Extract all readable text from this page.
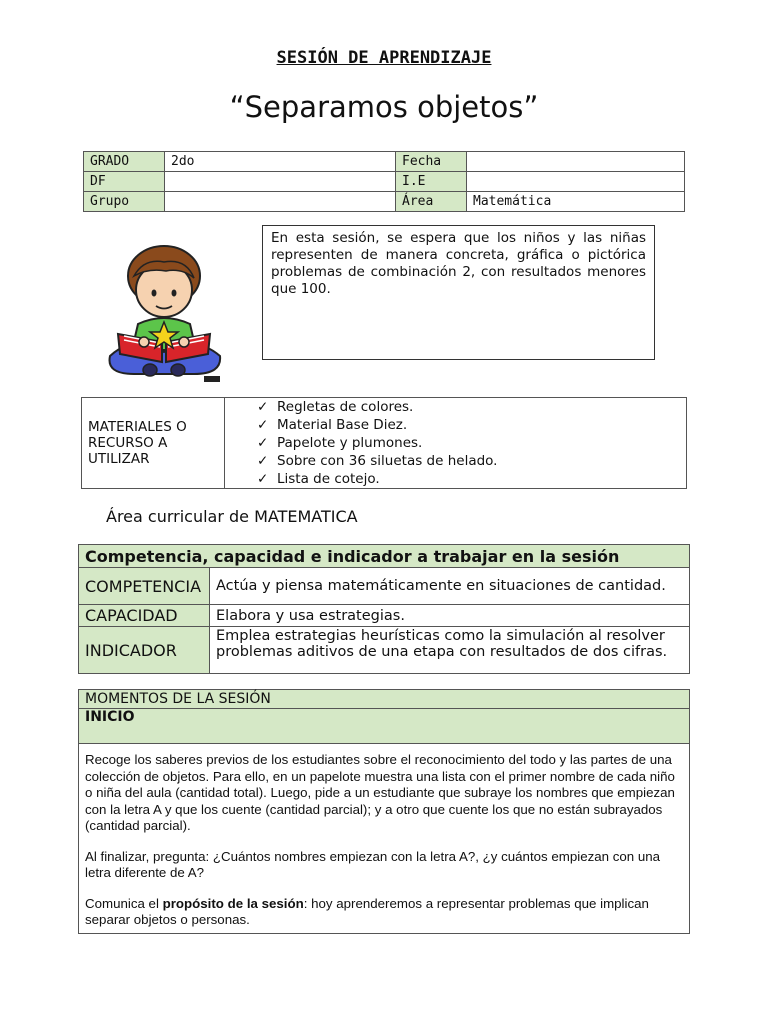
SESIÓN DE APRENDIZAJE
“Separamos objetos”
GRADO	2do	Fecha	
DF		I.E	
Grupo		Área	Matemática
En esta sesión, se espera que los niños y las niñas representen de manera concreta, gráfica o pictórica problemas de combinación 2, con resultados menores que 100.
MATERIALES O RECURSO A UTILIZAR	
✓ Regletas de colores.
✓ Material Base Diez.
✓ Papelote y plumones.
✓ Sobre con 36 siluetas de helado.
✓ Lista de cotejo.
Área curricular de MATEMATICA
Competencia, capacidad e indicador a trabajar en la sesión	
COMPETENCIA	Actúa y piensa matemáticamente en situaciones de cantidad.
CAPACIDAD	Elabora y usa estrategias.
INDICADOR	Emplea estrategias heurísticas como la simulación al resolver problemas aditivos de una etapa con resultados de dos cifras.
MOMENTOS DE LA SESIÓN
INICIO

Recoge los saberes previos de los estudiantes sobre el reconocimiento del todo y las partes de una colección de objetos. Para ello, en un papelote muestra una lista con el primer nombre de cada niño o niña del aula (cantidad total). Luego, pide a un estudiante que subraye los nombres que empiezan con la letra A y que los cuente (cantidad parcial); y a otro que cuente los que no están subrayados (cantidad parcial).

Al finalizar, pregunta: ¿Cuántos nombres empiezan con la letra A?, ¿y cuántos empiezan con una letra diferente de A?

Comunica el propósito de la sesión: hoy aprenderemos a representar problemas que implican separar objetos o personas.
